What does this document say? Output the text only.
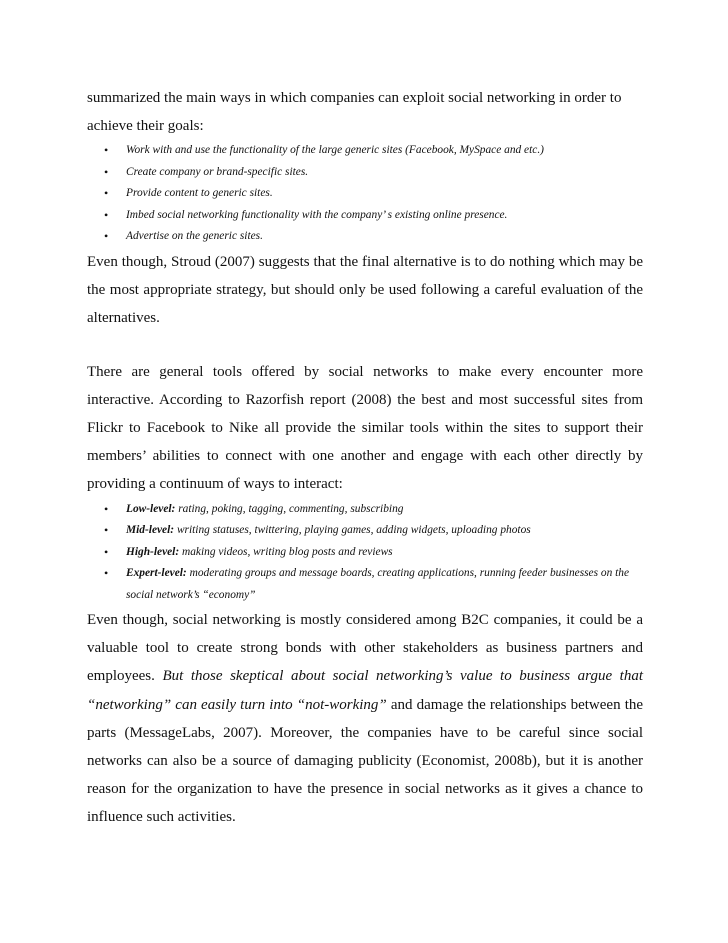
summarized the main ways in which companies can exploit social networking in order to achieve their goals:

• Work with and use the functionality of the large generic sites (Facebook, MySpace and etc.)
• Create company or brand-specific sites.
• Provide content to generic sites.
• Imbed social networking functionality with the company’ s existing online presence.
• Advertise on the generic sites.

Even though, Stroud (2007) suggests that the final alternative is to do nothing which may be the most appropriate strategy, but should only be used following a careful evaluation of the alternatives.

There are general tools offered by social networks to make every encounter more interactive. According to Razorfish report (2008) the best and most successful sites from Flickr to Facebook to Nike all provide the similar tools within the sites to support their members’ abilities to connect with one another and engage with each other directly by providing a continuum of ways to interact:

• Low-level: rating, poking, tagging, commenting, subscribing
• Mid-level: writing statuses, twittering, playing games, adding widgets, uploading photos
• High-level: making videos, writing blog posts and reviews
• Expert-level: moderating groups and message boards, creating applications, running feeder businesses on the social network’s “economy”

Even though, social networking is mostly considered among B2C companies, it could be a valuable tool to create strong bonds with other stakeholders as business partners and employees. But those skeptical about social networking’s value to business argue that “networking” can easily turn into “not-working” and damage the relationships between the parts (MessageLabs, 2007). Moreover, the companies have to be careful since social networks can also be a source of damaging publicity (Economist, 2008b), but it is another reason for the organization to have the presence in social networks as it gives a chance to influence such activities.
